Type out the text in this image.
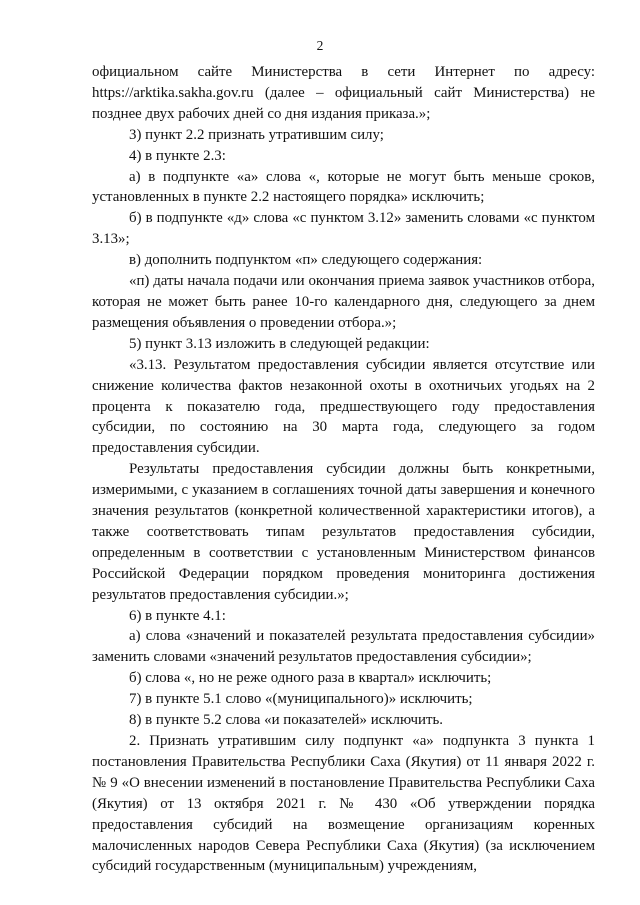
2

официальном сайте Министерства в сети Интернет по адресу: https://arktika.sakha.gov.ru (далее – официальный сайт Министерства) не позднее двух рабочих дней со дня издания приказа.»;

3) пункт 2.2 признать утратившим силу;

4) в пункте 2.3:

а) в подпункте «а» слова «, которые не могут быть меньше сроков, установленных в пункте 2.2 настоящего порядка» исключить;

б) в подпункте «д» слова «с пунктом 3.12» заменить словами «с пунктом 3.13»;

в) дополнить подпунктом «п» следующего содержания:

«п) даты начала подачи или окончания приема заявок участников отбора, которая не может быть ранее 10-го календарного дня, следующего за днем размещения объявления о проведении отбора.»;

5) пункт 3.13 изложить в следующей редакции:

«3.13. Результатом предоставления субсидии является отсутствие или снижение количества фактов незаконной охоты в охотничьих угодьях на 2 процента к показателю года, предшествующего году предоставления субсидии, по состоянию на 30 марта года, следующего за годом предоставления субсидии.

Результаты предоставления субсидии должны быть конкретными, измеримыми, с указанием в соглашениях точной даты завершения и конечного значения результатов (конкретной количественной характеристики итогов), а также соответствовать типам результатов предоставления субсидии, определенным в соответствии с установленным Министерством финансов Российской Федерации порядком проведения мониторинга достижения результатов предоставления субсидии.»;

6) в пункте 4.1:

а) слова «значений и показателей результата предоставления субсидии» заменить словами «значений результатов предоставления субсидии»;

б) слова «, но не реже одного раза в квартал» исключить;

7) в пункте 5.1 слово «(муниципального)» исключить;

8) в пункте 5.2 слова «и показателей» исключить.

2. Признать утратившим силу подпункт «а» подпункта 3 пункта 1 постановления Правительства Республики Саха (Якутия) от 11 января 2022 г. № 9 «О внесении изменений в постановление Правительства Республики Саха (Якутия) от 13 октября 2021 г. № 430 «Об утверждении порядка предоставления субсидий на возмещение организациям коренных малочисленных народов Севера Республики Саха (Якутия) (за исключением субсидий государственным (муниципальным) учреждениям,
